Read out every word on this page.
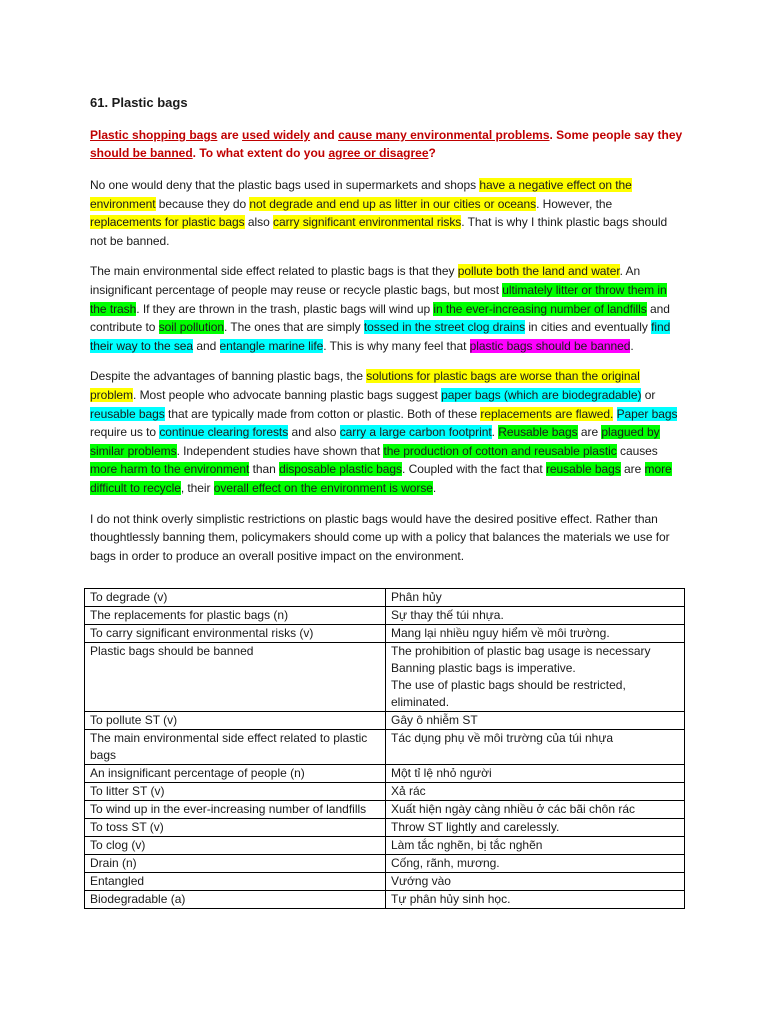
61. Plastic bags
Plastic shopping bags are used widely and cause many environmental problems. Some people say they should be banned. To what extent do you agree or disagree?

No one would deny that the plastic bags used in supermarkets and shops have a negative effect on the environment because they do not degrade and end up as litter in our cities or oceans. However, the replacements for plastic bags also carry significant environmental risks. That is why I think plastic bags should not be banned.

The main environmental side effect related to plastic bags is that they pollute both the land and water. An insignificant percentage of people may reuse or recycle plastic bags, but most ultimately litter or throw them in the trash. If they are thrown in the trash, plastic bags will wind up in the ever-increasing number of landfills and contribute to soil pollution. The ones that are simply tossed in the street clog drains in cities and eventually find their way to the sea and entangle marine life. This is why many feel that plastic bags should be banned.

Despite the advantages of banning plastic bags, the solutions for plastic bags are worse than the original problem. Most people who advocate banning plastic bags suggest paper bags (which are biodegradable) or reusable bags that are typically made from cotton or plastic. Both of these replacements are flawed. Paper bags require us to continue clearing forests and also carry a large carbon footprint. Reusable bags are plagued by similar problems. Independent studies have shown that the production of cotton and reusable plastic causes more harm to the environment than disposable plastic bags. Coupled with the fact that reusable bags are more difficult to recycle, their overall effect on the environment is worse.

I do not think overly simplistic restrictions on plastic bags would have the desired positive effect. Rather than thoughtlessly banning them, policymakers should come up with a policy that balances the materials we use for bags in order to produce an overall positive impact on the environment.

To degrade (v)	Phân hủy

The replacements for plastic bags (n)	Sự thay thế túi nhựa.

To carry significant environmental risks (v)	Mang lại nhiều nguy hiểm về môi trường.

Plastic bags should be banned	The prohibition of plastic bag usage is necessary
Banning plastic bags is imperative.
The use of plastic bags should be restricted, eliminated.

To pollute ST (v)	Gây ô nhiễm ST

The main environmental side effect related to plastic bags	Tác dụng phụ về môi trường của túi nhựa

An insignificant percentage of people (n)	Một tỉ lệ nhỏ người

To litter ST (v)	Xả rác

To wind up in the ever-increasing number of landfills	Xuất hiện ngày càng nhiều ở các bãi chôn rác

To toss ST (v)	Throw ST lightly and carelessly.

To clog (v)	Làm tắc nghẽn, bị tắc nghẽn

Drain (n)	Cống, rãnh, mương.

Entangled	Vướng vào

Biodegradable (a)	Tự phân hủy sinh học.
